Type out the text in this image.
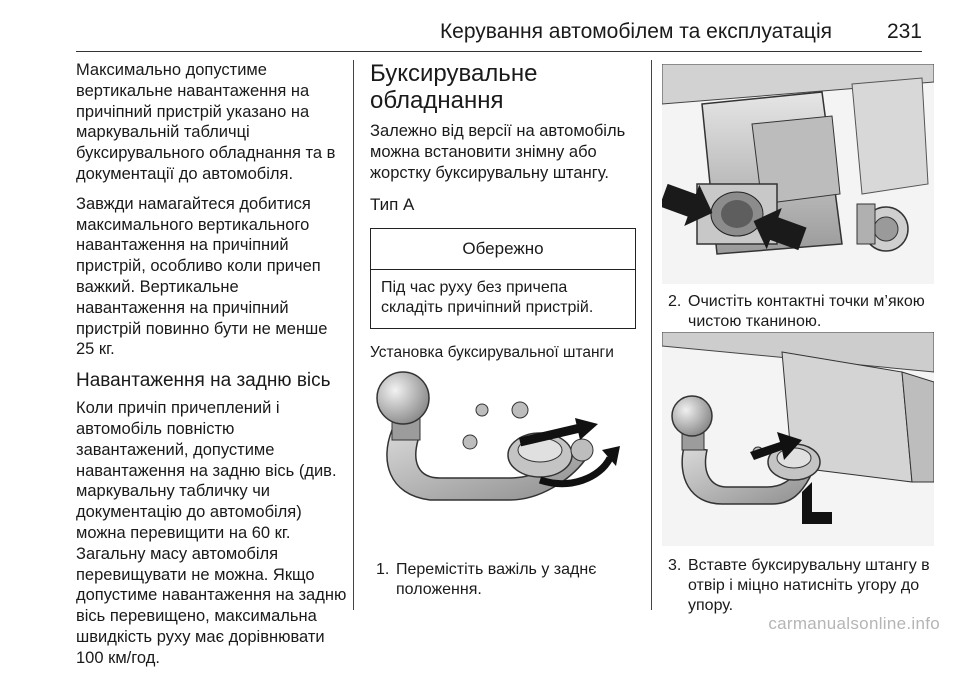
Керування автомобілем та експлуатація	231

Максимально допустиме вертикальне навантаження на причіпний пристрій указано на маркувальній табличці буксирувального обладнання та в документації до автомобіля.

Завжди намагайтеся добитися максимального вертикального навантаження на причіпний пристрій, особливо коли причеп важкий. Вертикальне навантаження на причіпний пристрій повинно бути не менше 25 кг.

Навантаження на задню вісь

Коли причіп причеплений і автомобіль повністю завантажений, допустиме навантаження на задню вісь (див. маркувальну табличку чи документацію до автомобіля) можна перевищити на 60 кг. Загальну масу автомобіля перевищувати не можна. Якщо допустиме навантаження на задню вісь перевищено, максимальна швидкість руху має дорівнювати 100 км/год.

Буксирувальне обладнання

Залежно від версії на автомобіль можна встановити знімну або жорстку буксирувальну штангу.

Тип А
Обережно
Під час руху без причепа складіть причіпний пристрій.
Установка буксирувальної штанги
1. Перемістіть важіль у заднє положення.
2. Очистіть контактні точки м’якою чистою тканиною.
3. Вставте буксирувальну штангу в отвір і міцно натисніть угору до упору.
carmanualsonline.info
